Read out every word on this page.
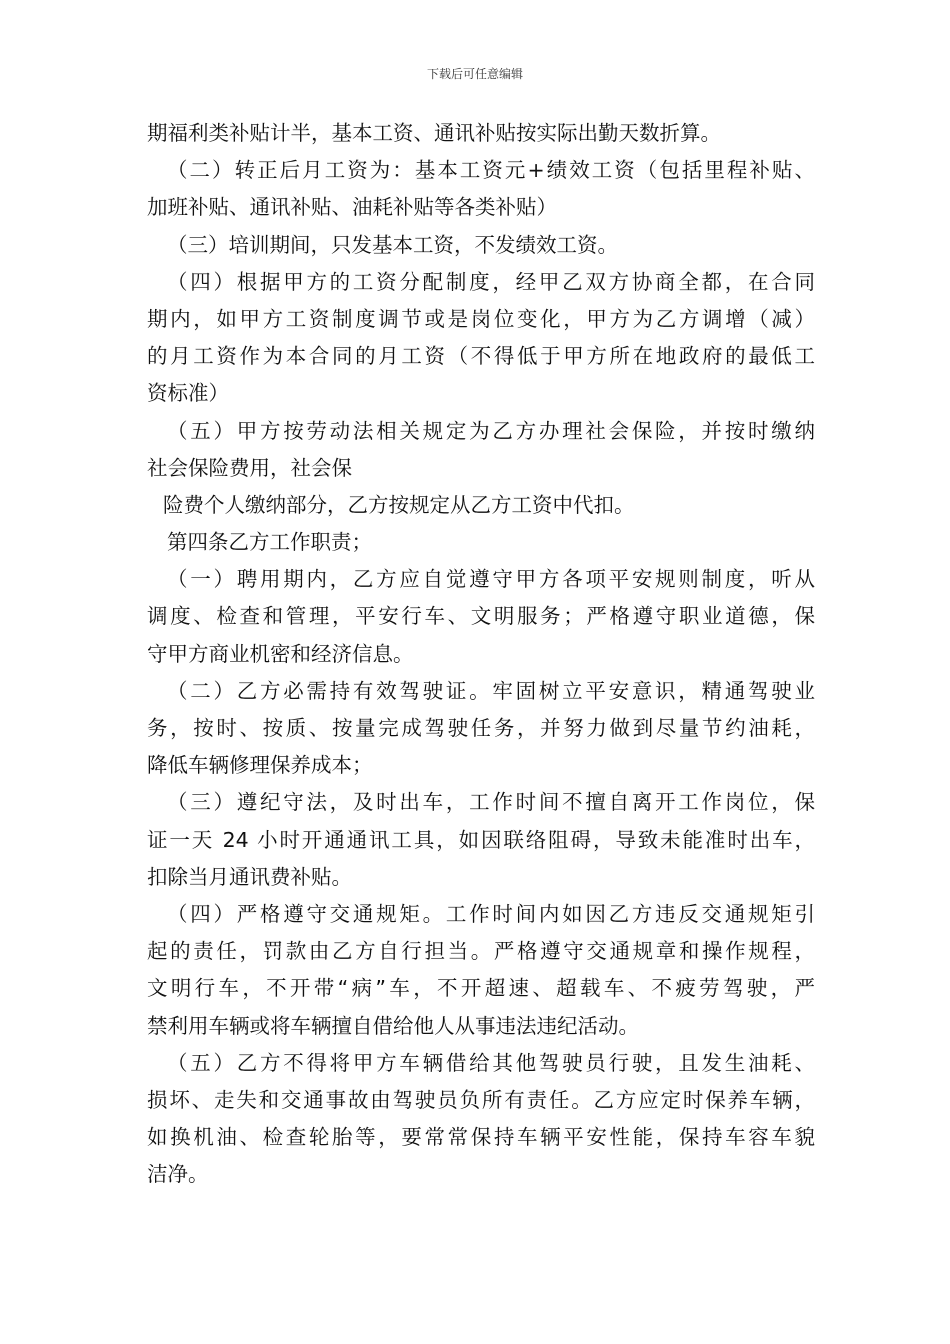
下载后可任意编辑
期福利类补贴计半，基本工资、通讯补贴按实际出勤天数折算。
（二）转正后月工资为：基本工资元+绩效工资（包括里程补贴、
加班补贴、通讯补贴、油耗补贴等各类补贴）
（三）培训期间，只发基本工资，不发绩效工资。
（四）根据甲方的工资分配制度，经甲乙双方协商全都，在合同
期内，如甲方工资制度调节或是岗位变化，甲方为乙方调增（减）
的月工资作为本合同的月工资（不得低于甲方所在地政府的最低工
资标准）
（五）甲方按劳动法相关规定为乙方办理社会保险，并按时缴纳
社会保险费用，社会保
险费个人缴纳部分，乙方按规定从乙方工资中代扣。
第四条乙方工作职责；
（一）聘用期内，乙方应自觉遵守甲方各项平安规则制度，听从
调度、检查和管理，平安行车、文明服务；严格遵守职业道德，保
守甲方商业机密和经济信息。
（二）乙方必需持有效驾驶证。牢固树立平安意识，精通驾驶业
务，按时、按质、按量完成驾驶任务，并努力做到尽量节约油耗，
降低车辆修理保养成本；
（三）遵纪守法，及时出车，工作时间不擅自离开工作岗位，保
证一天 24 小时开通通讯工具，如因联络阻碍，导致未能准时出车，
扣除当月通讯费补贴。
（四）严格遵守交通规矩。工作时间内如因乙方违反交通规矩引
起的责任，罚款由乙方自行担当。严格遵守交通规章和操作规程，
文明行车，不开带“病”车，不开超速、超载车、不疲劳驾驶，严
禁利用车辆或将车辆擅自借给他人从事违法违纪活动。
（五）乙方不得将甲方车辆借给其他驾驶员行驶，且发生油耗、
损坏、走失和交通事故由驾驶员负所有责任。乙方应定时保养车辆，
如换机油、检查轮胎等，要常常保持车辆平安性能，保持车容车貌
洁净。
